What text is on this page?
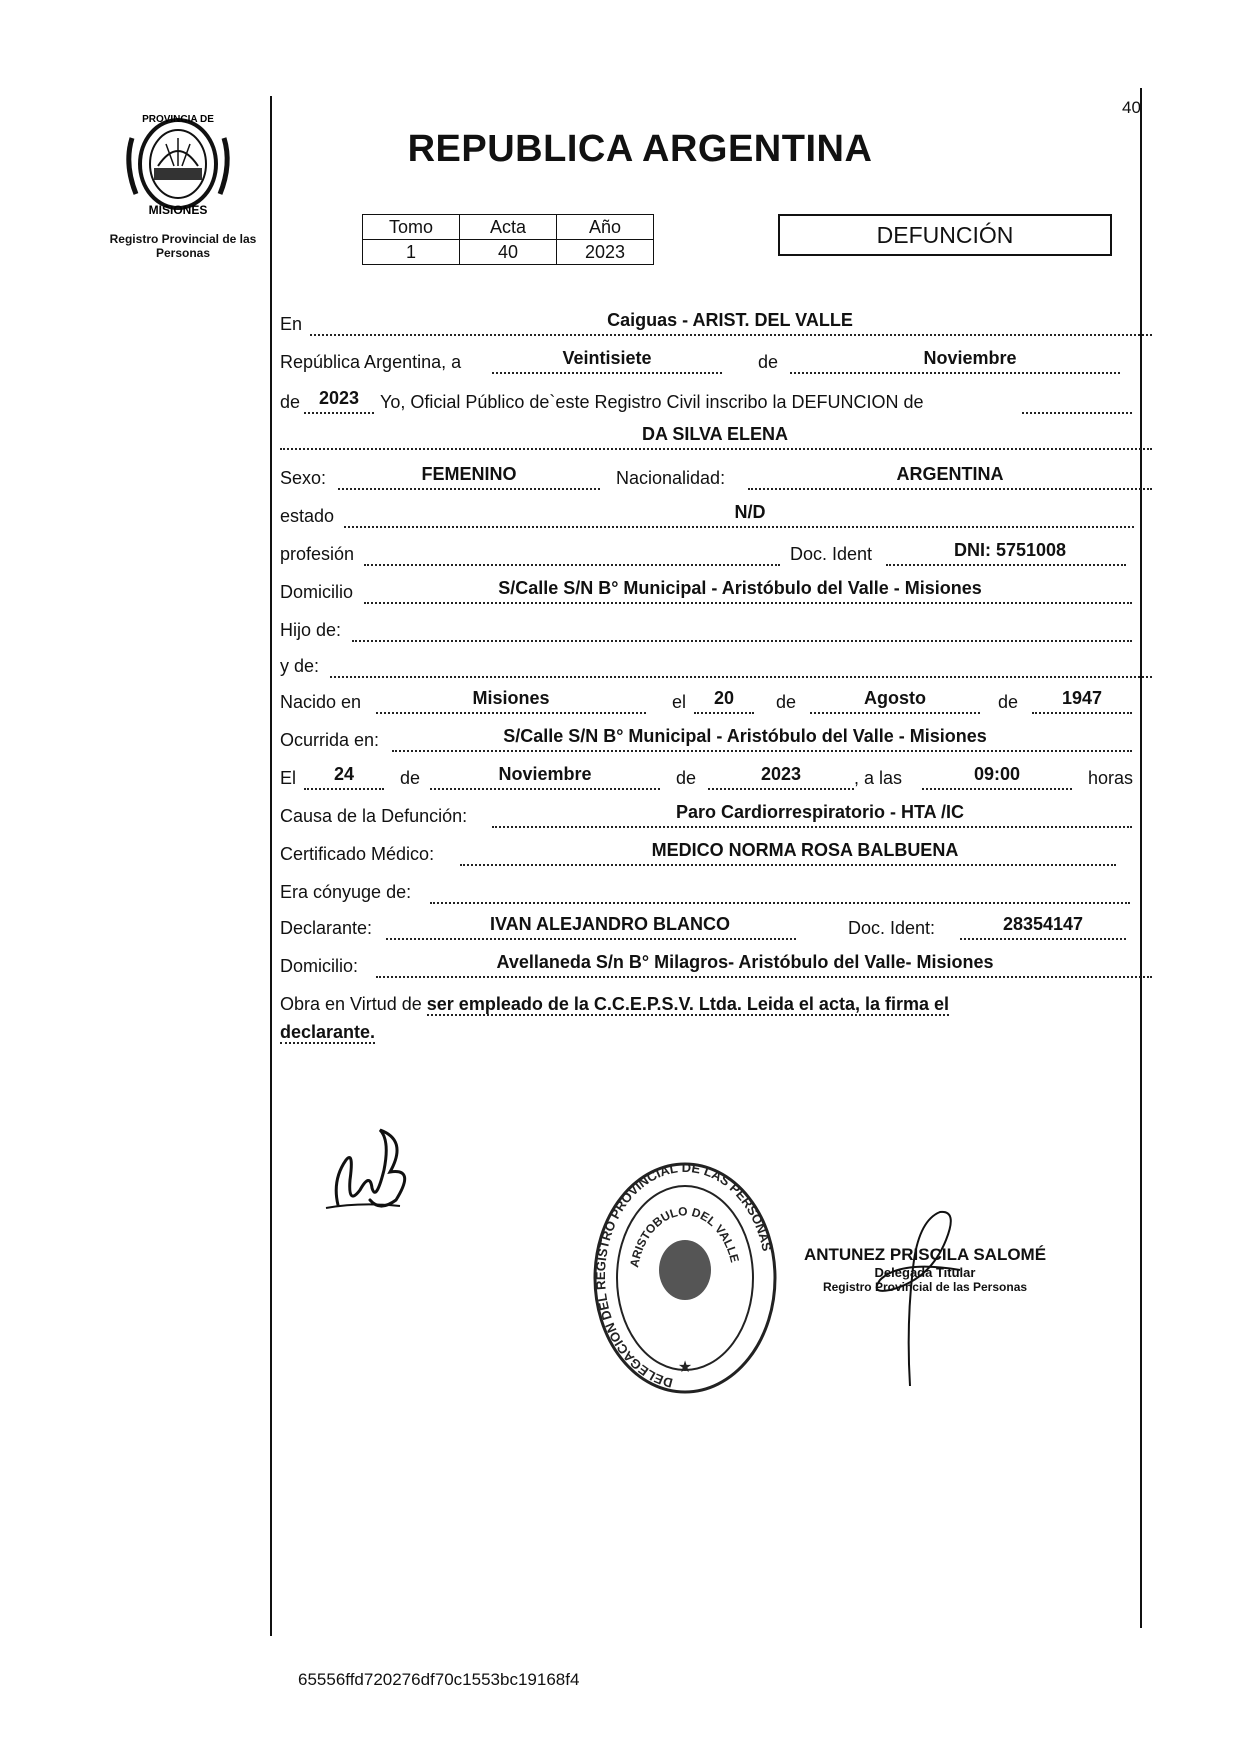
PROVINCIA DE
MISIONES
Registro Provincial de las Personas
40
REPUBLICA ARGENTINA
Tomo	Acta	Año
1	40	2023
DEFUNCIÓN
En	Caiguas - ARIST. DEL VALLE
República Argentina, a	Veintisiete	de	Noviembre
de	2023	Yo, Oficial Público de`este Registro Civil inscribo la DEFUNCION de
DA SILVA ELENA
Sexo:	FEMENINO	Nacionalidad:	ARGENTINA
estado	N/D
profesión	Doc. Ident	DNI: 5751008
Domicilio	S/Calle S/N B° Municipal - Aristóbulo del Valle - Misiones
Hijo de:
y de:
Nacido en	Misiones	el	20	de	Agosto	de	1947
Ocurrida en:	S/Calle S/N B° Municipal - Aristóbulo del Valle - Misiones
El	24	de	Noviembre	de	2023	, a las	09:00	horas
Causa de la Defunción:	Paro Cardiorrespiratorio - HTA /IC
Certificado Médico:	MEDICO NORMA ROSA BALBUENA
Era cónyuge de:
Declarante:	IVAN ALEJANDRO BLANCO	Doc. Ident:	28354147
Domicilio:	Avellaneda S/n B° Milagros- Aristóbulo del Valle- Misiones
Obra en Virtud de ser empleado de la C.C.E.P.S.V. Ltda. Leida el acta, la firma el
declarante.
DELEGACION DEL REGISTRO PROVINCIAL DE LAS PERSONAS
ARISTOBULO DEL VALLE
★
ANTUNEZ PRISCILA SALOMÉ
Delegada Titular
Registro Provincial de las Personas
65556ffd720276df70c1553bc19168f4
